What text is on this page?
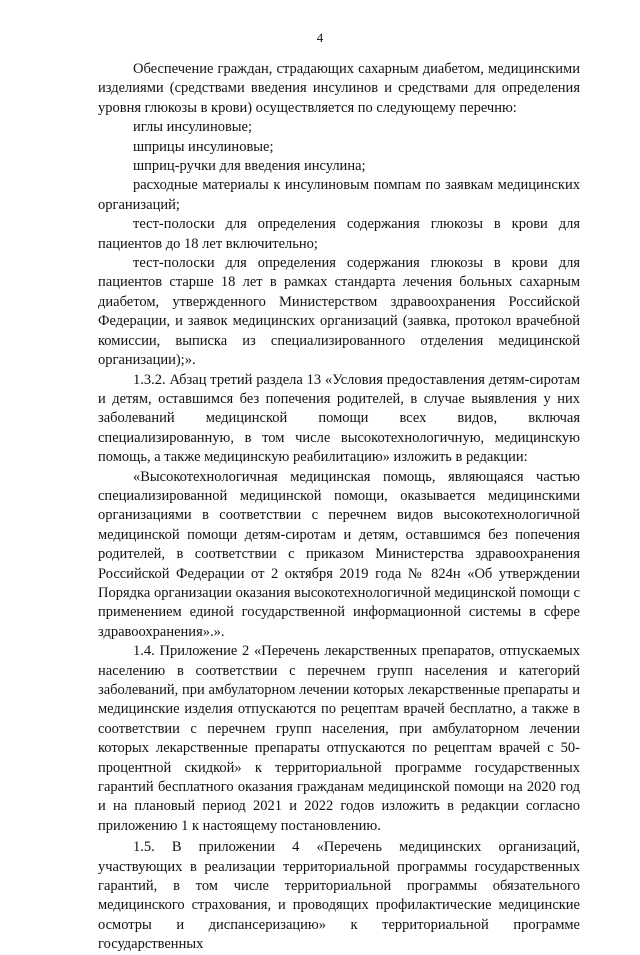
4

Обеспечение граждан, страдающих сахарным диабетом, медицинскими изделиями (средствами введения инсулинов и средствами для определения уровня глюкозы в крови) осуществляется по следующему перечню:

иглы инсулиновые;

шприцы инсулиновые;

шприц-ручки для введения инсулина;

расходные материалы к инсулиновым помпам по заявкам медицинских организаций;

тест-полоски для определения содержания глюкозы в крови для пациентов до 18 лет включительно;

тест-полоски для определения содержания глюкозы в крови для пациентов старше 18 лет в рамках стандарта лечения больных сахарным диабетом, утвержденного Министерством здравоохранения Российской Федерации, и заявок медицинских организаций (заявка, протокол врачебной комиссии, выписка из специализированного отделения медицинской организации);».

1.3.2. Абзац третий раздела 13 «Условия предоставления детям-сиротам и детям, оставшимся без попечения родителей, в случае выявления у них заболеваний медицинской помощи всех видов, включая специализированную, в том числе высокотехнологичную, медицинскую помощь, а также медицинскую реабилитацию» изложить в редакции:

«Высокотехнологичная медицинская помощь, являющаяся частью специализированной медицинской помощи, оказывается медицинскими организациями в соответствии с перечнем видов высокотехнологичной медицинской помощи детям-сиротам и детям, оставшимся без попечения родителей, в соответствии с приказом Министерства здравоохранения Российской Федерации от 2 октября 2019 года № 824н «Об утверждении Порядка организации оказания высокотехнологичной медицинской помощи с применением единой государственной информационной системы в сфере здравоохранения».».

1.4. Приложение 2 «Перечень лекарственных препаратов, отпускаемых населению в соответствии с перечнем групп населения и категорий заболеваний, при амбулаторном лечении которых лекарственные препараты и медицинские изделия отпускаются по рецептам врачей бесплатно, а также в соответствии с перечнем групп населения, при амбулаторном лечении которых лекарственные препараты отпускаются по рецептам врачей с 50-процентной скидкой» к территориальной программе государственных гарантий бесплатного оказания гражданам медицинской помощи на 2020 год и на плановый период 2021 и 2022 годов изложить в редакции согласно приложению 1 к настоящему постановлению.

1.5. В приложении 4 «Перечень медицинских организаций, участвующих в реализации территориальной программы государственных гарантий, в том числе территориальной программы обязательного медицинского страхования, и проводящих профилактические медицинские осмотры и диспансеризацию» к территориальной программе государственных
